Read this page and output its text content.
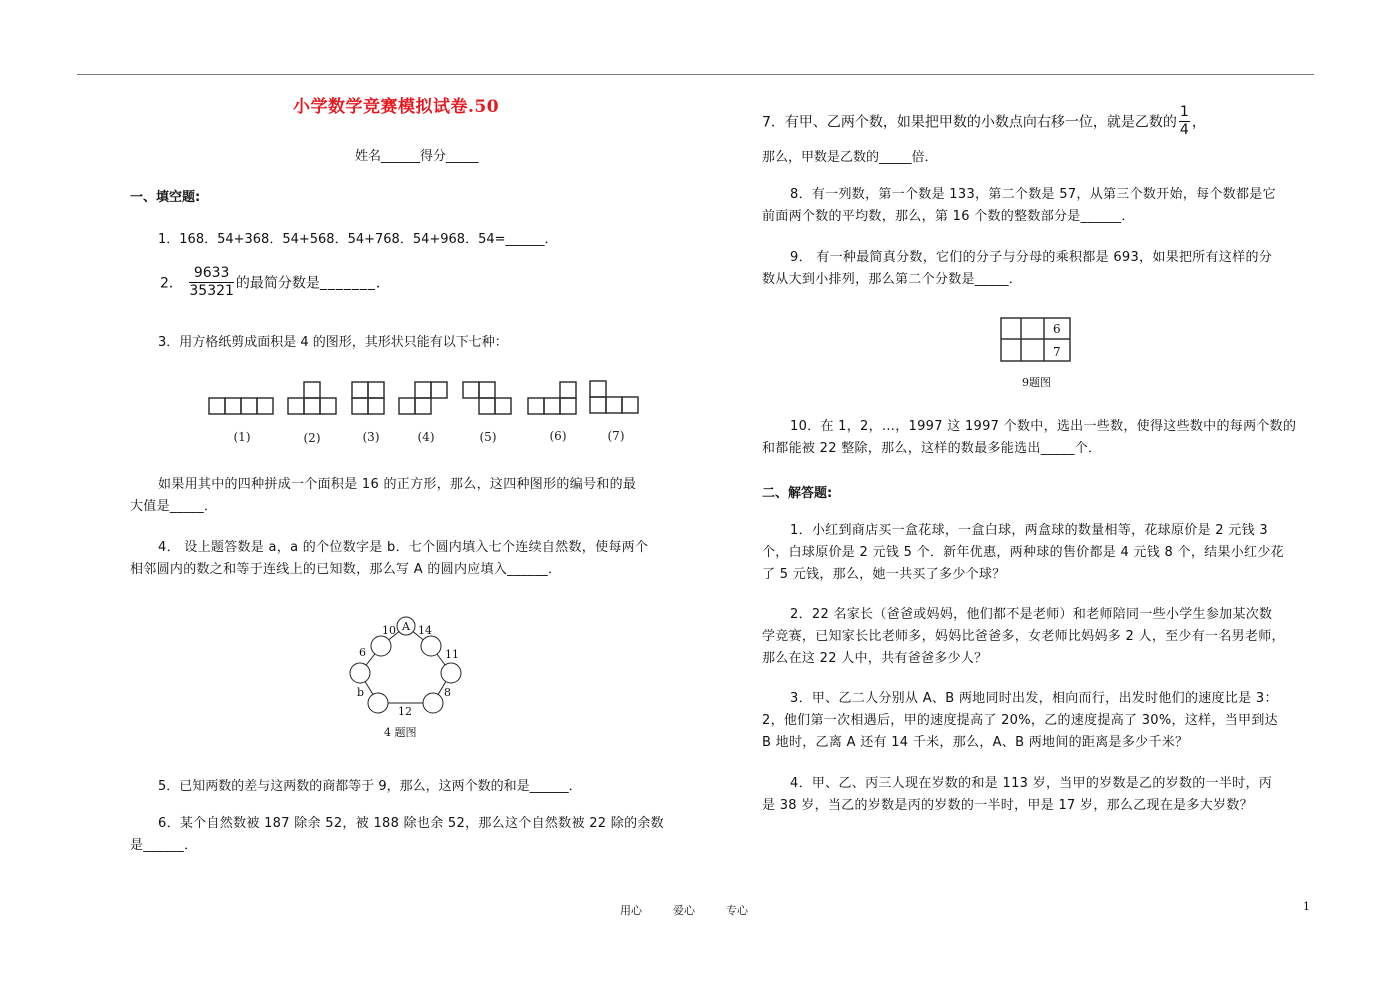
小学数学竞赛模拟试卷.50
姓名______得分_____
一、填空题:
1．168．54+368．54+568．54+768．54+968．54=______．
2． $\frac{9633}{35321}$ 的最简分数是_______．
3．用方格纸剪成面积是 4 的图形，其形状只能有以下七种：
(1)	(2)	(3)	(4)	(5)	(6)	(7)
如果用其中的四种拼成一个面积是 16 的正方形，那么，这四种图形的编号和的最
大值是_____．
4． 设上题答数是 a，a 的个位数字是 b．七个圆内填入七个连续自然数，使每两个
相邻圆内的数之和等于连线上的已知数，那么写 A 的圆内应填入______．
A
10 14
6	11
b	8
12
4 题图
5．已知两数的差与这两数的商都等于 9，那么，这两个数的和是______．
6．某个自然数被 187 除余 52，被 188 除也余 52，那么这个自然数被 22 除的余数
是______．
7．有甲、乙两个数，如果把甲数的小数点向右移一位，就是乙数的 $\frac{1}{4}$ ，
那么，甲数是乙数的_____倍．
8．有一列数，第一个数是 133，第二个数是 57，从第三个数开始，每个数都是它
前面两个数的平均数，那么，第 16 个数的整数部分是______．
9． 有一种最简真分数，它们的分子与分母的乘积都是 693，如果把所有这样的分
数从大到小排列，那么第二个分数是_____．
6
7
9题图
10．在 1，2，…，1997 这 1997 个数中，选出一些数，使得这些数中的每两个数的
和都能被 22 整除，那么，这样的数最多能选出_____个．
二、解答题:
1．小红到商店买一盒花球，一盒白球，两盒球的数量相等，花球原价是 2 元钱 3
个，白球原价是 2 元钱 5 个．新年优惠，两种球的售价都是 4 元钱 8 个，结果小红少花
了 5 元钱，那么，她一共买了多少个球？
2．22 名家长（爸爸或妈妈，他们都不是老师）和老师陪同一些小学生参加某次数
学竞赛，已知家长比老师多，妈妈比爸爸多，女老师比妈妈多 2 人，至少有一名男老师，
那么在这 22 人中，共有爸爸多少人？
3．甲、乙二人分别从 A、B 两地同时出发，相向而行，出发时他们的速度比是 3：
2，他们第一次相遇后，甲的速度提高了 20%，乙的速度提高了 30%，这样，当甲到达
B 地时，乙离 A 还有 14 千米，那么，A、B 两地间的距离是多少千米？
4．甲、乙、丙三人现在岁数的和是 113 岁，当甲的岁数是乙的岁数的一半时，丙
是 38 岁，当乙的岁数是丙的岁数的一半时，甲是 17 岁，那么乙现在是多大岁数？
用心	爱心	专心	1
